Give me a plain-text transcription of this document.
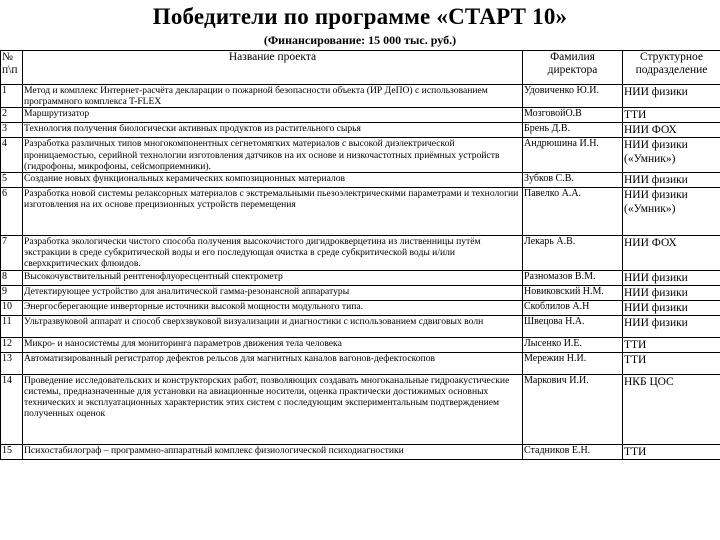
Победители по программе «СТАРТ 10»
(Финансирование: 15 000 тыс. руб.)
№ п\п	Название проекта	Фамилия директора	Структурное подразделение
1	Метод и комплекс Интернет-расчёта декларации о пожарной безопасности объекта (ИР ДеПО) с использованием программного комплекса T-FLEX	Удовиченко Ю.И.	НИИ физики
2	Маршрутизатор	МозговойО.В	ТТИ
3	Технология получения биологически активных продуктов из растительного сырья	Брень Д.В.	НИИ ФОХ
4	Разработка различных типов многокомпонентных сегнетомягких материалов с высокой диэлектрической проницаемостью, серийной технологии изготовления датчиков на их основе и низкочастотных приёмных устройств (гидрофоны, микрофоны, сейсмоприемники).	Андрюшина И.Н.	НИИ физики («Умник»)
5	Создание новых функциональных керамических композиционных материалов	Зубков С.В.	НИИ физики
6	Разработка новой системы релаксорных материалов с экстремальными пьезоэлектрическими параметрами и технологии изготовления на их основе прецизионных устройств перемещения	Павелко А.А.	НИИ физики («Умник»)
7	Разработка экологически чистого способа получения высокочистого дигидрокверцетина из лиственницы путём экстракции в среде субкритической воды и его последующая очистка в среде субкритической воды и/или сверхкритических флюидов.	Лекарь А.В.	НИИ ФОХ
8	Высокочувствительный рентгенофлуоресцентный спектрометр	Разномазов В.М.	НИИ физики
9	Детектирующее устройство для аналитической гамма-резонансной аппаратуры	Новиковский Н.М.	НИИ физики
10	Энергосберегающие инверторные источники высокой мощности модульного типа.	Скоблилов А.Н	НИИ физики
11	Ультразвуковой аппарат и способ сверхзвуковой визуализации и диагностики с использованием сдвиговых волн	Швецова Н.А.	НИИ физики
12	Микро- и наносистемы для мониторинга параметров движения тела человека	Лысенко И.Е.	ТТИ
13	Автоматизированный регистратор дефектов рельсов для магнитных каналов вагонов-дефектоскопов	Мережин Н.И.	ТТИ
14	Проведение исследовательских и конструкторских работ, позволяющих создавать многоканальные гидроакустические системы, предназначенные для установки на авиационные носители, оценка практически достижимых основных технических и эксплуатационных характеристик этих систем с последующим экспериментальным подтверждением полученных оценок	Маркович И.И.	НКБ ЦОС
15	Психостабилограф – программно-аппаратный комплекс физиологической психодиагностики	Стадников Е.Н.	ТТИ
